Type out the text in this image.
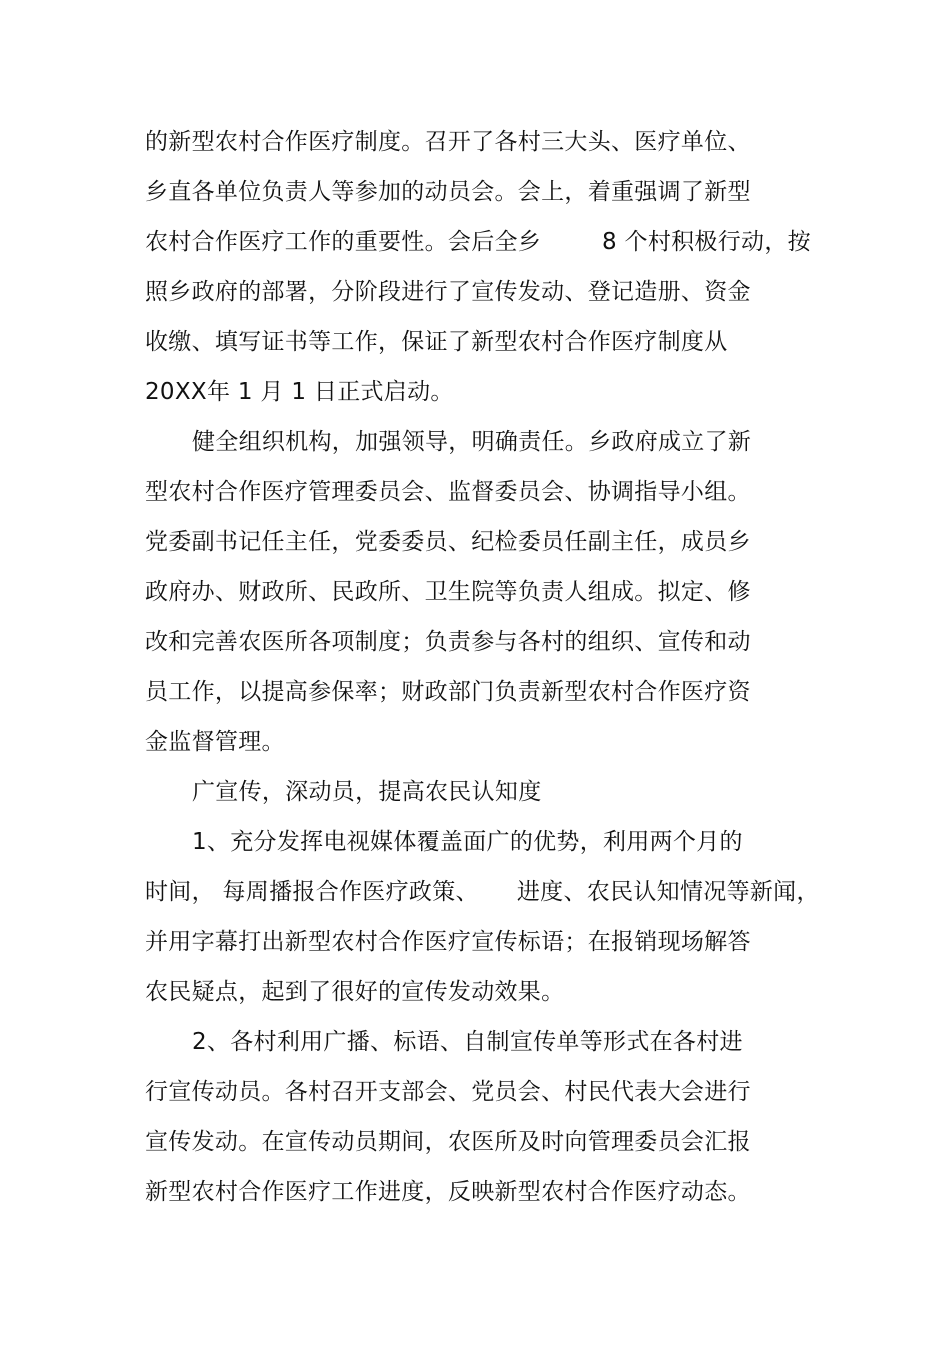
的新型农村合作医疗制度。召开了各村三大头、医疗单位、
乡直各单位负责人等参加的动员会。会上，着重强调了新型
农村合作医疗工作的重要性。会后全乡        8 个村积极行动，按
照乡政府的部署，分阶段进行了宣传发动、登记造册、资金
收缴、填写证书等工作，保证了新型农村合作医疗制度从
20XX年 1 月 1 日正式启动。
健全组织机构，加强领导，明确责任。乡政府成立了新
型农村合作医疗管理委员会、监督委员会、协调指导小组。
党委副书记任主任，党委委员、纪检委员任副主任，成员乡
政府办、财政所、民政所、卫生院等负责人组成。拟定、修
改和完善农医所各项制度；负责参与各村的组织、宣传和动
员工作，以提高参保率；财政部门负责新型农村合作医疗资
金监督管理。
广宣传，深动员，提高农民认知度
1、充分发挥电视媒体覆盖面广的优势，利用两个月的
时间， 每周播报合作医疗政策、     进度、农民认知情况等新闻，
并用字幕打出新型农村合作医疗宣传标语；在报销现场解答
农民疑点，起到了很好的宣传发动效果。
2、各村利用广播、标语、自制宣传单等形式在各村进
行宣传动员。各村召开支部会、党员会、村民代表大会进行
宣传发动。在宣传动员期间，农医所及时向管理委员会汇报
新型农村合作医疗工作进度，反映新型农村合作医疗动态。
